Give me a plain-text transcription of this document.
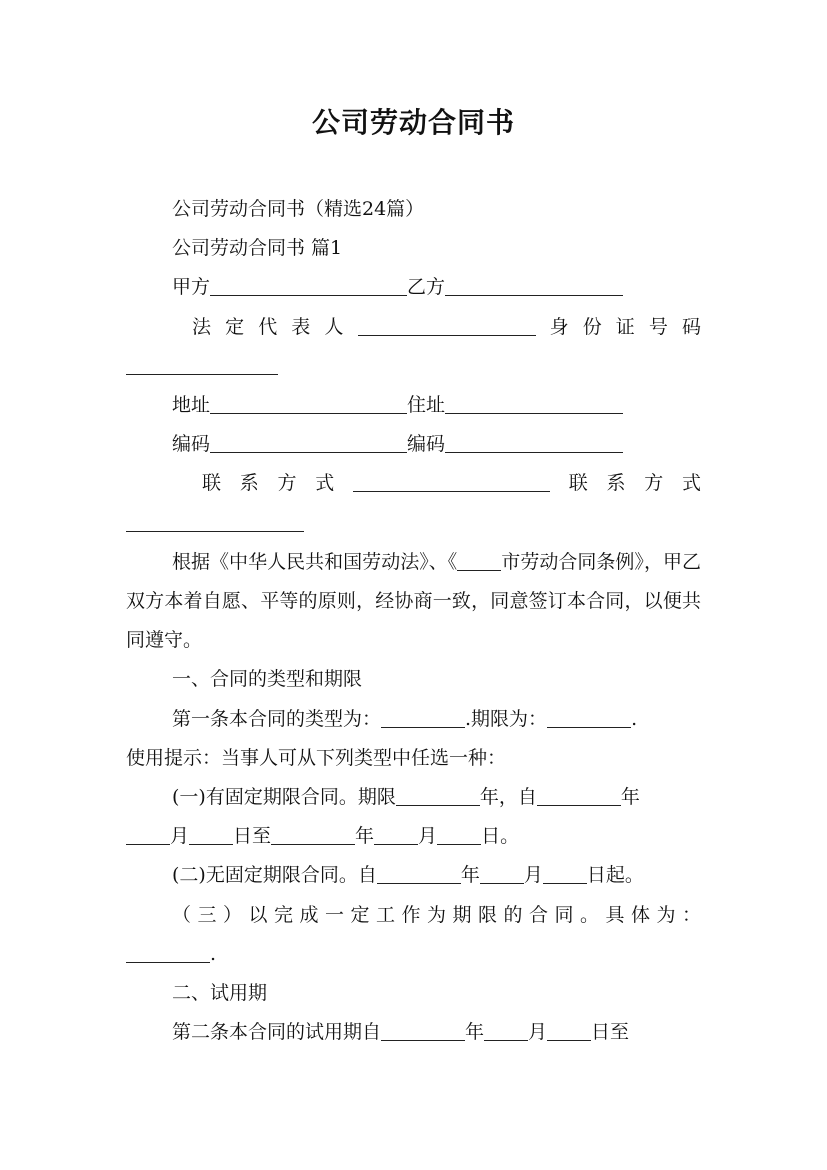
公司劳动合同书

公司劳动合同书（精选24篇）

公司劳动合同书 篇1

甲方	乙方

法定代表人	身份证号码

地址	住址

编码	编码

联系方式	联系方式

根据《中华人民共和国劳动法》、《 市劳动合同条例》，甲乙双方本着自愿、平等的原则，经协商一致，同意签订本合同，以便共同遵守。

一、合同的类型和期限

第一条本合同的类型为：	.期限为：	.

使用提示：当事人可从下列类型中任选一种：

(一)有固定期限合同。期限	年，自	年

月 日至	年 月 日。

(二)无固定期限合同。自	年 月 日起。

（三）以完成一定工作为期限的合同。具体为：

.

二、试用期

第二条本合同的试用期自	年 月 日至
